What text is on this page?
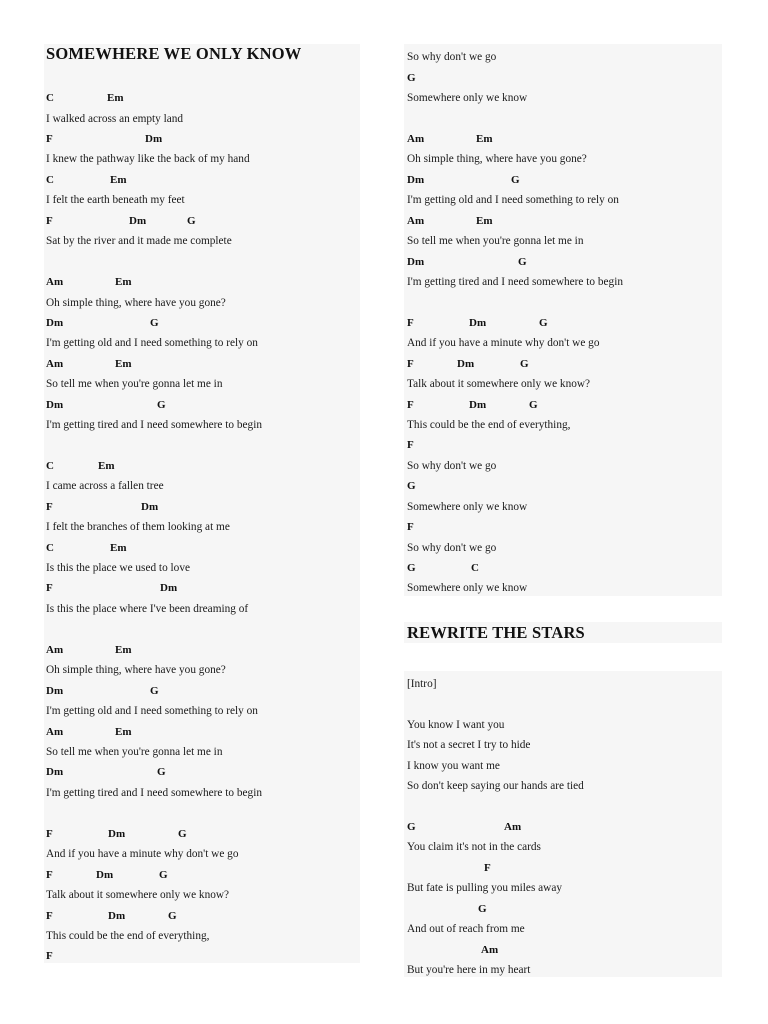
SOMEWHERE WE ONLY KNOW
C	Em
I walked across an empty land
F	Dm
I knew the pathway like the back of my hand
C	Em
I felt the earth beneath my feet
F	Dm	G
Sat by the river and it made me complete
Am	Em
Oh simple thing, where have you gone?
Dm	G
I'm getting old and I need something to rely on
Am	Em
So tell me when you're gonna let me in
Dm	G
I'm getting tired and I need somewhere to begin
C	Em
I came across a fallen tree
F	Dm
I felt the branches of them looking at me
C	Em
Is this the place we used to love
F	Dm
Is this the place where I've been dreaming of
Am	Em
Oh simple thing, where have you gone?
Dm	G
I'm getting old and I need something to rely on
Am	Em
So tell me when you're gonna let me in
Dm	G
I'm getting tired and I need somewhere to begin
F	Dm	G
And if you have a minute why don't we go
F	Dm	G
Talk about it somewhere only we know?
F	Dm	G
This could be the end of everything,
F
So why don't we go
G
Somewhere only we know
Am	Em
Oh simple thing, where have you gone?
Dm	G
I'm getting old and I need something to rely on
Am	Em
So tell me when you're gonna let me in
Dm	G
I'm getting tired and I need somewhere to begin
F	Dm	G
And if you have a minute why don't we go
F	Dm	G
Talk about it somewhere only we know?
F	Dm	G
This could be the end of everything,
F
So why don't we go
G
Somewhere only we know
F
So why don't we go
G	C
Somewhere only we know
REWRITE THE STARS
[Intro]
You know I want you
It's not a secret I try to hide
I know you want me
So don't keep saying our hands are tied
G	Am
You claim it's not in the cards
F
But fate is pulling you miles away
G
And out of reach from me
Am
But you're here in my heart
